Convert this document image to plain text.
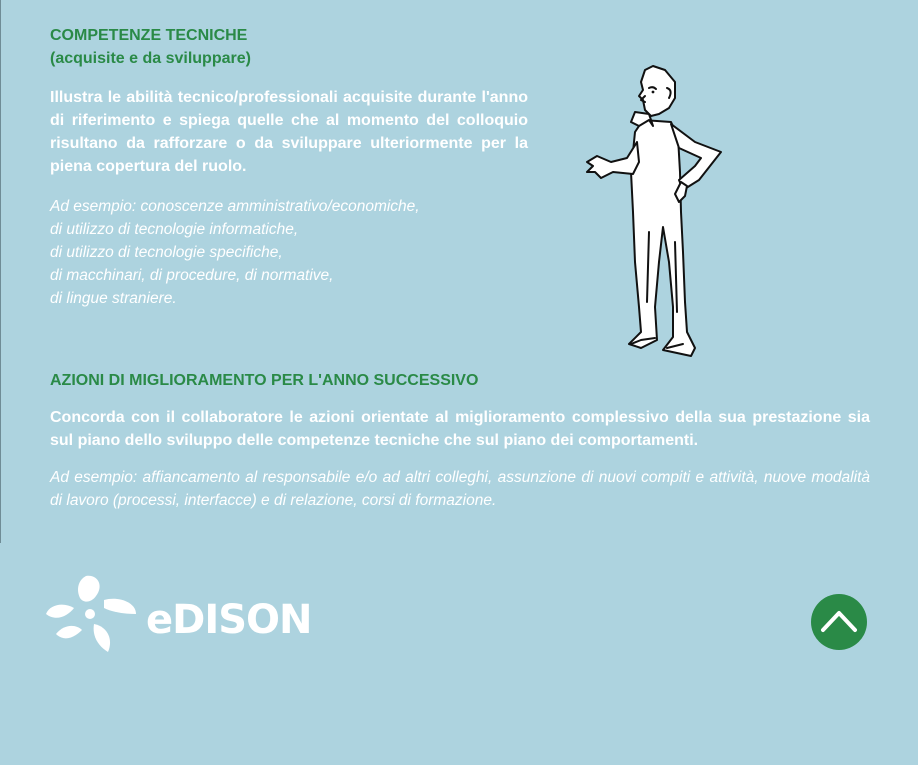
COMPETENZE TECNICHE

(acquisite e da sviluppare)

Illustra le abilità tecnico/professionali acquisite durante l'anno di riferimento e spiega quelle che al momento del colloquio risultano da rafforzare o da sviluppare ulteriormente per la piena copertura del ruolo.

Ad esempio: conoscenze amministrativo/economiche,
di utilizzo di tecnologie informatiche,
di utilizzo di tecnologie specifiche,
di macchinari, di procedure, di normative,
di lingue straniere.

AZIONI DI MIGLIORAMENTO PER L'ANNO SUCCESSIVO

Concorda con il collaboratore le azioni orientate al miglioramento complessivo della sua prestazione sia sul piano dello sviluppo delle competenze tecniche che sul piano dei comportamenti.

Ad esempio: affiancamento al responsabile e/o ad altri colleghi, assunzione di nuovi compiti e attività, nuove modalità di lavoro (processi, interfacce) e di relazione, corsi di formazione.

eDISON
